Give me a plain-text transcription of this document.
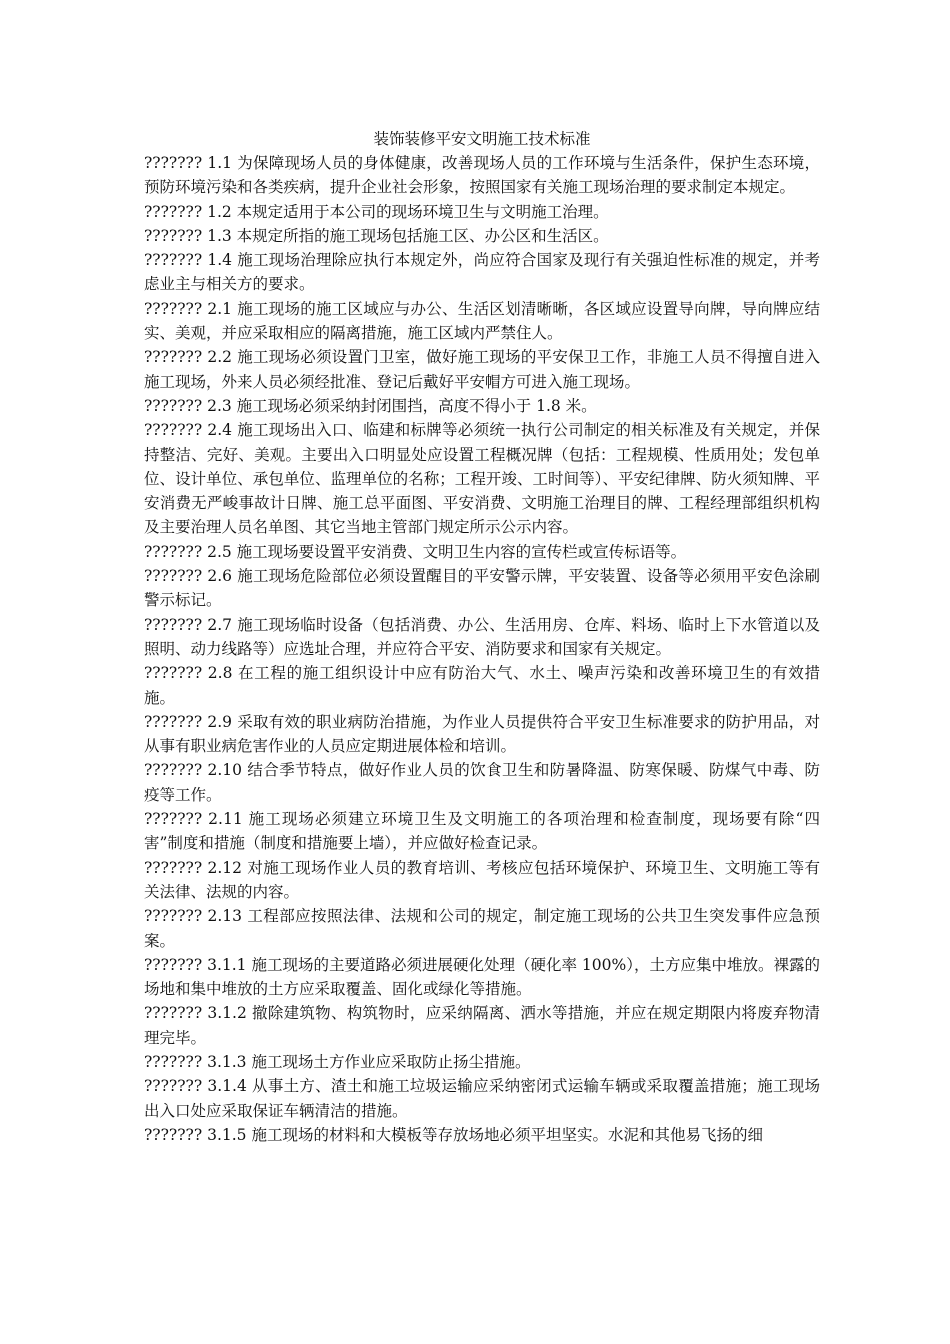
装饰装修平安文明施工技术标准

??????? 1.1 为保障现场人员的身体健康，改善现场人员的工作环境与生活条件，保护生态环境，预防环境污染和各类疾病，提升企业社会形象，按照国家有关施工现场治理的要求制定本规定。

??????? 1.2 本规定适用于本公司的现场环境卫生与文明施工治理。

??????? 1.3 本规定所指的施工现场包括施工区、办公区和生活区。

??????? 1.4 施工现场治理除应执行本规定外，尚应符合国家及现行有关强迫性标准的规定，并考虑业主与相关方的要求。

??????? 2.1 施工现场的施工区域应与办公、生活区划清晰晰，各区域应设置导向牌，导向牌应结实、美观，并应采取相应的隔离措施，施工区域内严禁住人。

??????? 2.2 施工现场必须设置门卫室，做好施工现场的平安保卫工作，非施工人员不得擅自进入施工现场，外来人员必须经批准、登记后戴好平安帽方可进入施工现场。

??????? 2.3 施工现场必须采纳封闭围挡，高度不得小于 1.8 米。

??????? 2.4 施工现场出入口、临建和标牌等必须统一执行公司制定的相关标准及有关规定，并保持整洁、完好、美观。主要出入口明显处应设置工程概况牌（包括：工程规模、性质用处；发包单位、设计单位、承包单位、监理单位的名称；工程开竣、工时间等）、平安纪律牌、防火须知牌、平安消费无严峻事故计日牌、施工总平面图、平安消费、文明施工治理目的牌、工程经理部组织机构及主要治理人员名单图、其它当地主管部门规定所示公示内容。

??????? 2.5 施工现场要设置平安消费、文明卫生内容的宣传栏或宣传标语等。

??????? 2.6 施工现场危险部位必须设置醒目的平安警示牌，平安装置、设备等必须用平安色涂刷警示标记。

??????? 2.7 施工现场临时设备（包括消费、办公、生活用房、仓库、料场、临时上下水管道以及照明、动力线路等）应选址合理，并应符合平安、消防要求和国家有关规定。

??????? 2.8 在工程的施工组织设计中应有防治大气、水土、噪声污染和改善环境卫生的有效措施。

??????? 2.9 采取有效的职业病防治措施，为作业人员提供符合平安卫生标准要求的防护用品，对从事有职业病危害作业的人员应定期进展体检和培训。

??????? 2.10 结合季节特点，做好作业人员的饮食卫生和防暑降温、防寒保暖、防煤气中毒、防疫等工作。

??????? 2.11 施工现场必须建立环境卫生及文明施工的各项治理和检查制度，现场要有除“四害”制度和措施（制度和措施要上墙），并应做好检查记录。

??????? 2.12 对施工现场作业人员的教育培训、考核应包括环境保护、环境卫生、文明施工等有关法律、法规的内容。

??????? 2.13 工程部应按照法律、法规和公司的规定，制定施工现场的公共卫生突发事件应急预案。

??????? 3.1.1 施工现场的主要道路必须进展硬化处理（硬化率 100%），土方应集中堆放。裸露的场地和集中堆放的土方应采取覆盖、固化或绿化等措施。

??????? 3.1.2 撤除建筑物、构筑物时，应采纳隔离、洒水等措施，并应在规定期限内将废弃物清理完毕。

??????? 3.1.3 施工现场土方作业应采取防止扬尘措施。

??????? 3.1.4 从事土方、渣土和施工垃圾运输应采纳密闭式运输车辆或采取覆盖措施；施工现场出入口处应采取保证车辆清洁的措施。

??????? 3.1.5 施工现场的材料和大模板等存放场地必须平坦坚实。水泥和其他易飞扬的细
